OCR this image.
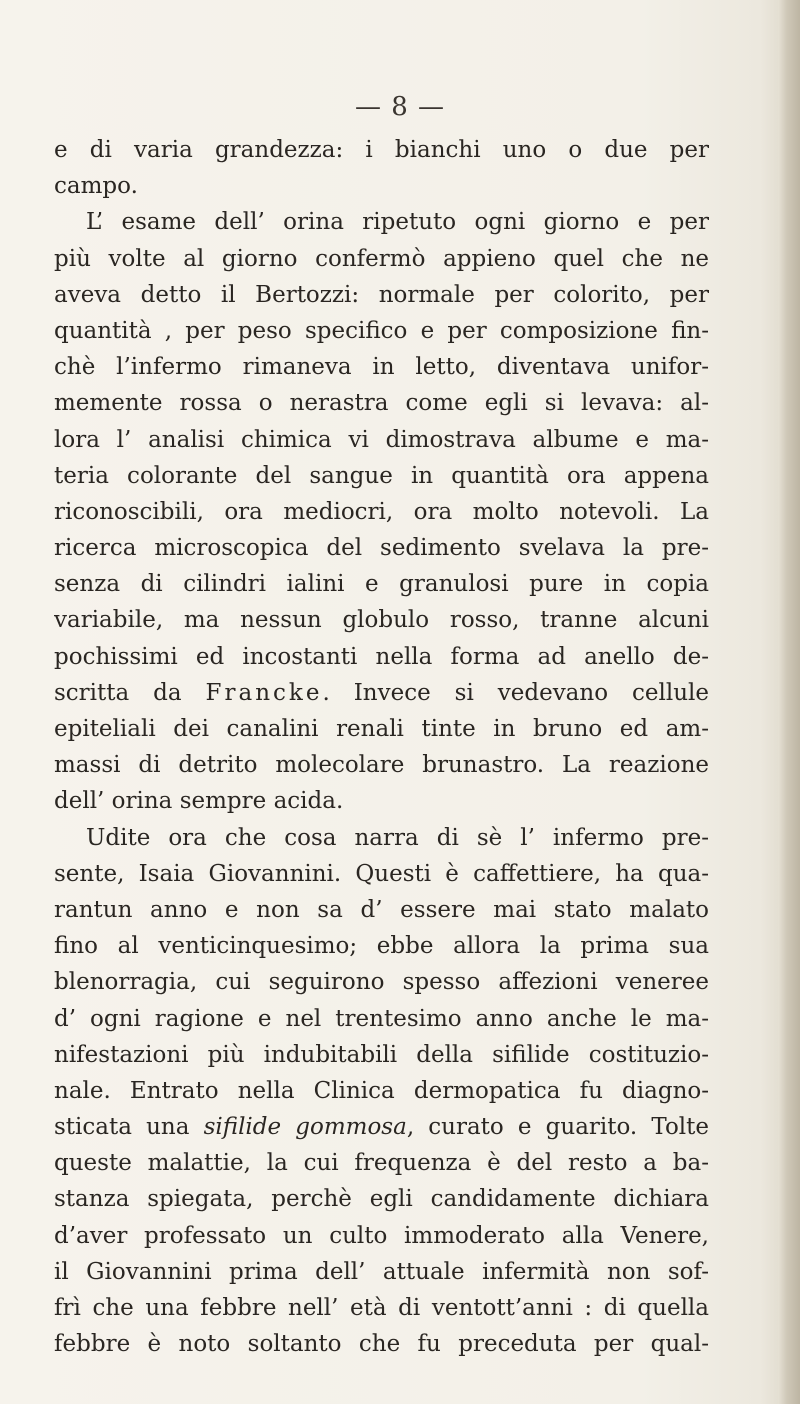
— 8 —
e di varia grandezza: i bianchi uno o due per
campo.
L’ esame dell’ orina ripetuto ogni giorno e per
più volte al giorno confermò appieno quel che ne
aveva detto il Bertozzi: normale per colorito, per
quantità , per peso specifico e per composizione fin-
chè l’infermo rimaneva in letto, diventava unifor-
memente rossa o nerastra come egli si levava: al-
lora l’ analisi chimica vi dimostrava albume e ma-
teria colorante del sangue in quantità ora appena
riconoscibili, ora mediocri, ora molto notevoli. La
ricerca microscopica del sedimento svelava la pre-
senza di cilindri ialini e granulosi pure in copia
variabile, ma nessun globulo rosso, tranne alcuni
pochissimi ed incostanti nella forma ad anello de-
scritta da Francke. Invece si vedevano cellule
epiteliali dei canalini renali tinte in bruno ed am-
massi di detrito molecolare brunastro. La reazione
dell’ orina sempre acida.
Udite ora che cosa narra di sè l’ infermo pre-
sente, Isaia Giovannini. Questi è caffettiere, ha qua-
rantun anno e non sa d’ essere mai stato malato
fino al venticinquesimo; ebbe allora la prima sua
blenorragia, cui seguirono spesso affezioni veneree
d’ ogni ragione e nel trentesimo anno anche le ma-
nifestazioni più indubitabili della sifilide costituzio-
nale. Entrato nella Clinica dermopatica fu diagno-
sticata una sifilide gommosa, curato e guarito. Tolte
queste malattie, la cui frequenza è del resto a ba-
stanza spiegata, perchè egli candidamente dichiara
d’aver professato un culto immoderato alla Venere,
il Giovannini prima dell’ attuale infermità non sof-
frì che una febbre nell’ età di ventott’anni : di quella
febbre è noto soltanto che fu preceduta per qual-
